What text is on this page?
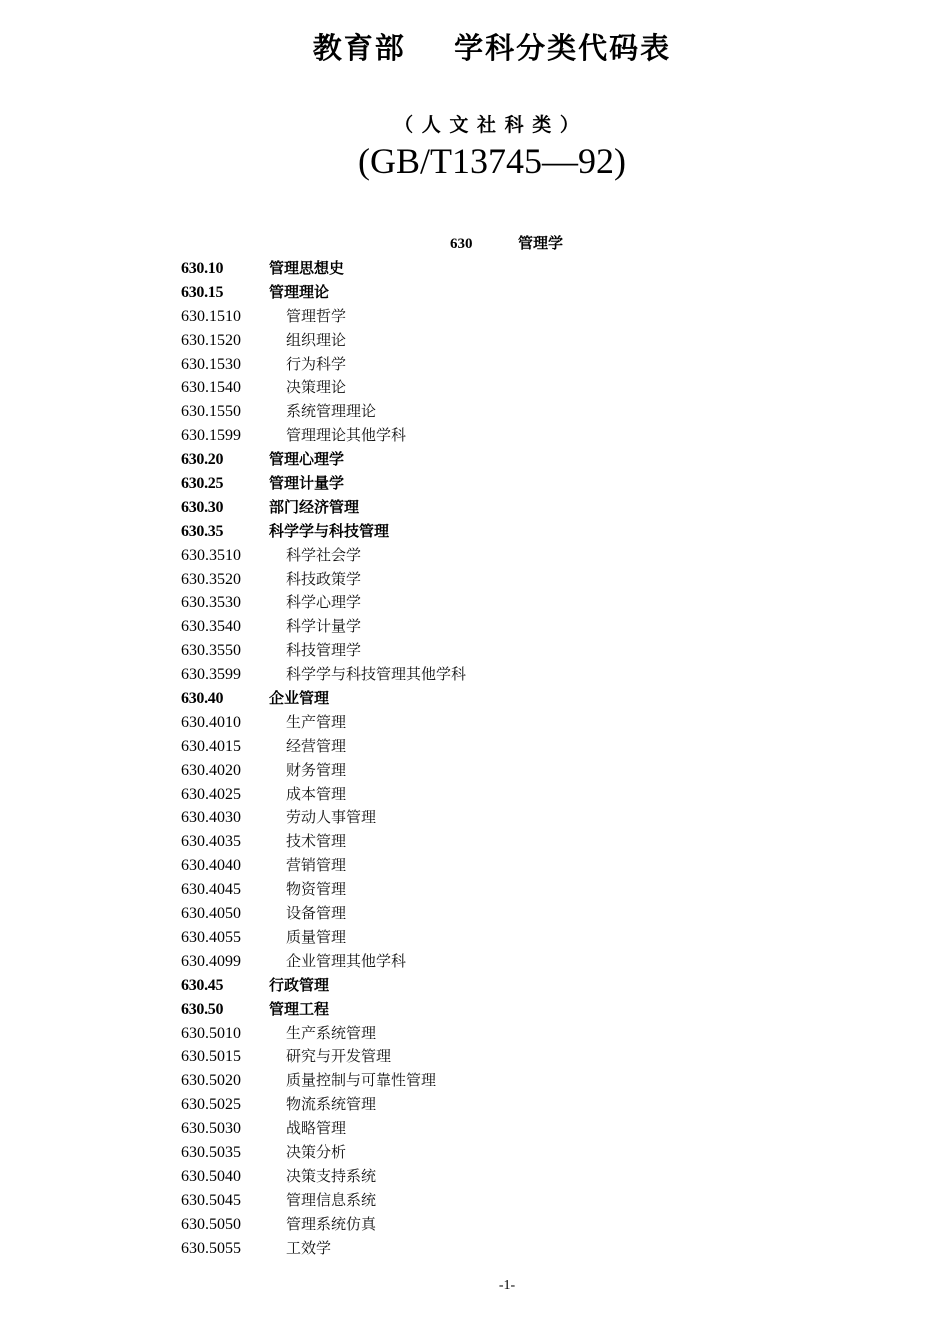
教育部    学科分类代码表
（ 人 文 社 科 类 ）
(GB/T13745—92)
630	管理学
630.10	管理思想史
630.15	管理理论
630.1510	管理哲学
630.1520	组织理论
630.1530	行为科学
630.1540	决策理论
630.1550	系统管理理论
630.1599	管理理论其他学科
630.20	管理心理学
630.25	管理计量学
630.30	部门经济管理
630.35	科学学与科技管理
630.3510	科学社会学
630.3520	科技政策学
630.3530	科学心理学
630.3540	科学计量学
630.3550	科技管理学
630.3599	科学学与科技管理其他学科
630.40	企业管理
630.4010	生产管理
630.4015	经营管理
630.4020	财务管理
630.4025	成本管理
630.4030	劳动人事管理
630.4035	技术管理
630.4040	营销管理
630.4045	物资管理
630.4050	设备管理
630.4055	质量管理
630.4099	企业管理其他学科
630.45	行政管理
630.50	管理工程
630.5010	生产系统管理
630.5015	研究与开发管理
630.5020	质量控制与可靠性管理
630.5025	物流系统管理
630.5030	战略管理
630.5035	决策分析
630.5040	决策支持系统
630.5045	管理信息系统
630.5050	管理系统仿真
630.5055	工效学
-1-
